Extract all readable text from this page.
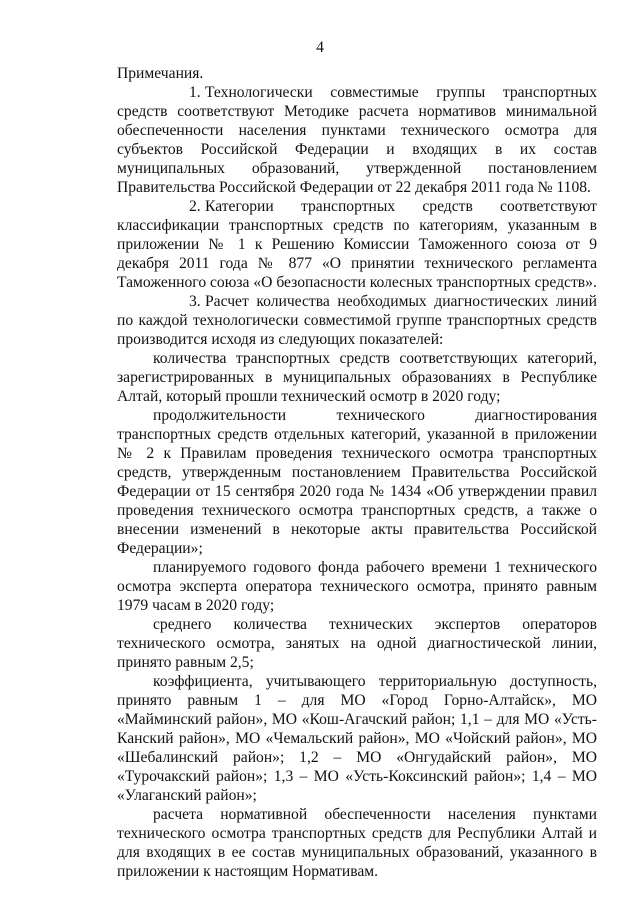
4

Примечания.

1. Технологически совместимые группы транспортных средств соответствуют Методике расчета нормативов минимальной обеспеченности населения пунктами технического осмотра для субъектов Российской Федерации и входящих в их состав муниципальных образований, утвержденной постановлением Правительства Российской Федерации от 22 декабря 2011 года № 1108.

2. Категории транспортных средств соответствуют классификации транспортных средств по категориям, указанным в приложении № 1 к Решению Комиссии Таможенного союза от 9 декабря 2011 года № 877 «О принятии технического регламента Таможенного союза «О безопасности колесных транспортных средств».

3. Расчет количества необходимых диагностических линий по каждой технологически совместимой группе транспортных средств производится исходя из следующих показателей:

количества транспортных средств соответствующих категорий, зарегистрированных в муниципальных образованиях в Республике Алтай, который прошли технический осмотр в 2020 году;

продолжительности технического диагностирования транспортных средств отдельных категорий, указанной в приложении № 2 к Правилам проведения технического осмотра транспортных средств, утвержденным постановлением Правительства Российской Федерации от 15 сентября 2020 года № 1434 «Об утверждении правил проведения технического осмотра транспортных средств, а также о внесении изменений в некоторые акты правительства Российской Федерации»;

планируемого годового фонда рабочего времени 1 технического осмотра эксперта оператора технического осмотра, принято равным 1979 часам в 2020 году;

среднего количества технических экспертов операторов технического осмотра, занятых на одной диагностической линии, принято равным 2,5;

коэффициента, учитывающего территориальную доступность, принято равным 1 – для МО «Город Горно-Алтайск», МО «Майминский район», МО «Кош-Агачский район; 1,1 – для МО «Усть-Канский район», МО «Чемальский район», МО «Чойский район», МО «Шебалинский район»; 1,2 – МО «Онгудайский район», МО «Турочакский район»; 1,3 – МО «Усть-Коксинский район»; 1,4 – МО «Улаганский район»;

расчета нормативной обеспеченности населения пунктами технического осмотра транспортных средств для Республики Алтай и для входящих в ее состав муниципальных образований, указанного в приложении к настоящим Нормативам.
